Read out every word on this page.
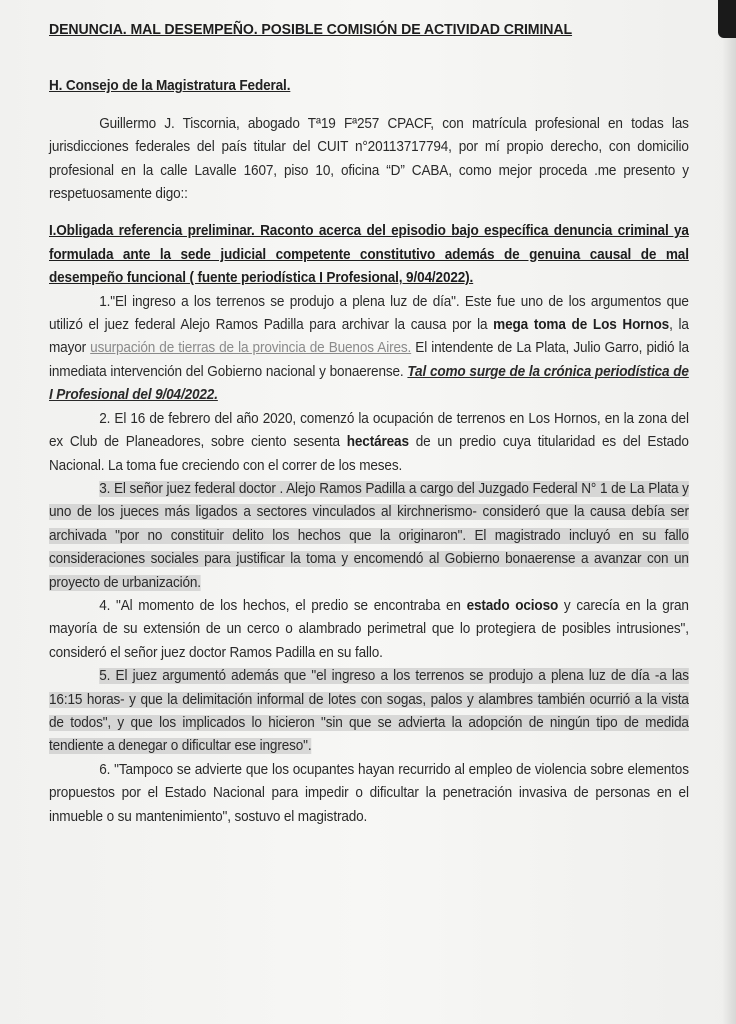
DENUNCIA. MAL DESEMPEÑO. POSIBLE COMISIÓN DE ACTIVIDAD CRIMINAL
H. Consejo de la Magistratura Federal.

Guillermo J. Tiscornia, abogado Tª19 Fª257 CPACF, con matrícula profesional en todas las jurisdicciones federales del país titular del CUIT n°20113717794, por mí propio derecho, con domicilio profesional en la calle Lavalle 1607, piso 10, oficina “D” CABA, como mejor proceda .me presento y respetuosamente digo::

I.Obligada referencia preliminar. Raconto acerca del episodio bajo específica denuncia criminal ya formulada ante la sede judicial competente constitutivo además de genuina causal de mal desempeño funcional ( fuente periodística I Profesional, 9/04/2022).

1."El ingreso a los terrenos se produjo a plena luz de día". Este fue uno de los argumentos que utilizó el juez federal Alejo Ramos Padilla para archivar la causa por la mega toma de Los Hornos, la mayor usurpación de tierras de la provincia de Buenos Aires. El intendente de La Plata, Julio Garro, pidió la inmediata intervención del Gobierno nacional y bonaerense. Tal como surge de la crónica periodística de I Profesional del 9/04/2022.

2. El 16 de febrero del año 2020, comenzó la ocupación de terrenos en Los Hornos, en la zona del ex Club de Planeadores, sobre ciento sesenta hectáreas de un predio cuya titularidad es del Estado Nacional. La toma fue creciendo con el correr de los meses.

3. El señor juez federal doctor . Alejo Ramos Padilla a cargo del Juzgado Federal N° 1 de La Plata y uno de los jueces más ligados a sectores vinculados al kirchnerismo- consideró que la causa debía ser archivada "por no constituir delito los hechos que la originaron". El magistrado incluyó en su fallo consideraciones sociales para justificar la toma y encomendó al Gobierno bonaerense a avanzar con un proyecto de urbanización.

4. "Al momento de los hechos, el predio se encontraba en estado ocioso y carecía en la gran mayoría de su extensión de un cerco o alambrado perimetral que lo protegiera de posibles intrusiones", consideró el señor juez doctor Ramos Padilla en su fallo.

5. El juez argumentó además que "el ingreso a los terrenos se produjo a plena luz de día -a las 16:15 horas- y que la delimitación informal de lotes con sogas, palos y alambres también ocurrió a la vista de todos", y que los implicados lo hicieron "sin que se advierta la adopción de ningún tipo de medida tendiente a denegar o dificultar ese ingreso".

6. "Tampoco se advierte que los ocupantes hayan recurrido al empleo de violencia sobre elementos propuestos por el Estado Nacional para impedir o dificultar la penetración invasiva de personas en el inmueble o su mantenimiento", sostuvo el magistrado.
